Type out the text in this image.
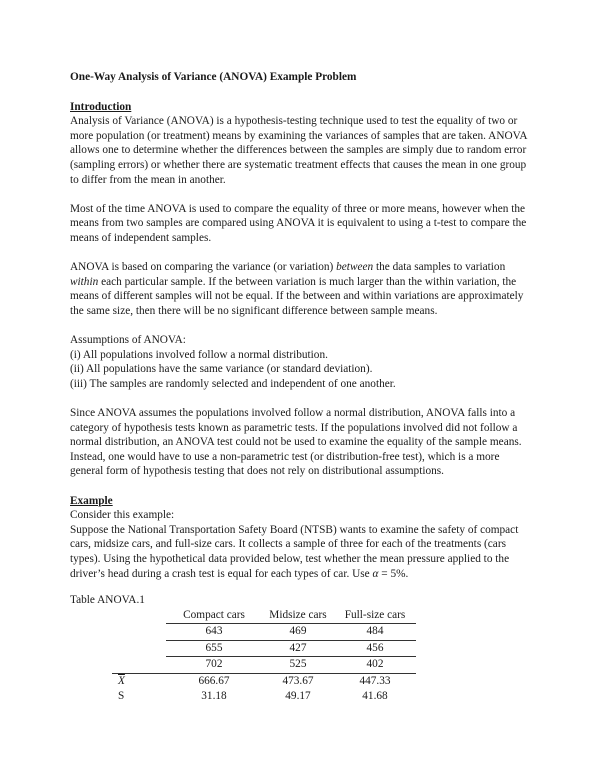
One-Way Analysis of Variance (ANOVA) Example Problem
Introduction

Analysis of Variance (ANOVA) is a hypothesis-testing technique used to test the equality of two or more population (or treatment) means by examining the variances of samples that are taken. ANOVA allows one to determine whether the differences between the samples are simply due to random error (sampling errors) or whether there are systematic treatment effects that causes the mean in one group to differ from the mean in another.

Most of the time ANOVA is used to compare the equality of three or more means, however when the means from two samples are compared using ANOVA it is equivalent to using a t-test to compare the means of independent samples.

ANOVA is based on comparing the variance (or variation) between the data samples to variation within each particular sample. If the between variation is much larger than the within variation, the means of different samples will not be equal. If the between and within variations are approximately the same size, then there will be no significant difference between sample means.

Assumptions of ANOVA:
(i) All populations involved follow a normal distribution.
(ii) All populations have the same variance (or standard deviation).
(iii) The samples are randomly selected and independent of one another.

Since ANOVA assumes the populations involved follow a normal distribution, ANOVA falls into a category of hypothesis tests known as parametric tests. If the populations involved did not follow a normal distribution, an ANOVA test could not be used to examine the equality of the sample means. Instead, one would have to use a non-parametric test (or distribution-free test), which is a more general form of hypothesis testing that does not rely on distributional assumptions.

Example
Consider this example:
Suppose the National Transportation Safety Board (NTSB) wants to examine the safety of compact cars, midsize cars, and full-size cars. It collects a sample of three for each of the treatments (cars types). Using the hypothetical data provided below, test whether the mean pressure applied to the driver’s head during a crash test is equal for each types of car. Use α = 5%.
Table ANOVA.1
	Compact cars	Midsize cars	Full-size cars
	643	469	484
	655	427	456
	702	525	402
$\overline{X}$	666.67	473.67	447.33
S	31.18	49.17	41.68
